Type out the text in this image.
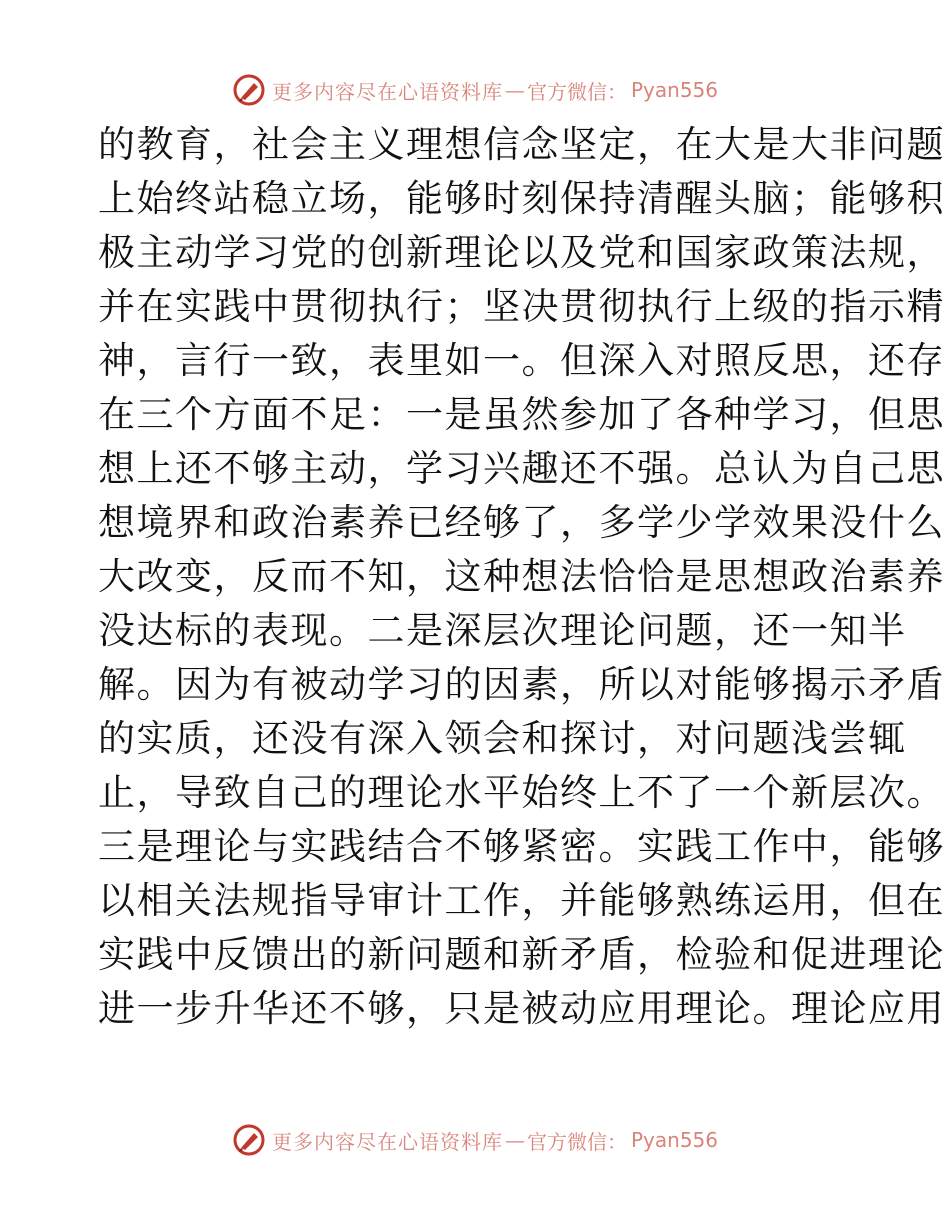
更多内容尽在心语资料库 — 官方微信： Pyan556
的教育，社会主义理想信念坚定，在大是大非问题
上始终站稳立场，能够时刻保持清醒头脑；能够积
极主动学习党的创新理论以及党和国家政策法规，
并在实践中贯彻执行；坚决贯彻执行上级的指示精
神，言行一致，表里如一。但深入对照反思，还存
在三个方面不足：一是虽然参加了各种学习，但思
想上还不够主动，学习兴趣还不强。总认为自己思
想境界和政治素养已经够了，多学少学效果没什么
大改变，反而不知，这种想法恰恰是思想政治素养
没达标的表现。二是深层次理论问题，还一知半
解。因为有被动学习的因素，所以对能够揭示矛盾
的实质，还没有深入领会和探讨，对问题浅尝辄
止，导致自己的理论水平始终上不了一个新层次。
三是理论与实践结合不够紧密。实践工作中，能够
以相关法规指导审计工作，并能够熟练运用，但在
实践中反馈出的新问题和新矛盾，检验和促进理论
进一步升华还不够，只是被动应用理论。理论应用
更多内容尽在心语资料库 — 官方微信： Pyan556
